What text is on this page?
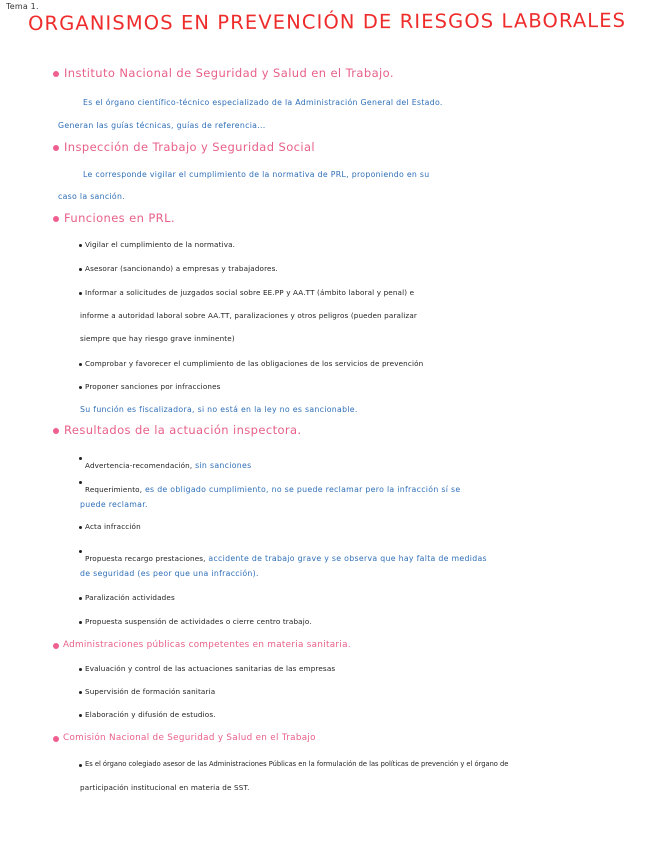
Tema 1.
ORGANISMOS EN PREVENCIÓN DE RIESGOS LABORALES
Instituto Nacional de Seguridad y Salud en el Trabajo.
Es el órgano científico-técnico especializado de la Administración General del Estado.
Generan las guías técnicas, guías de referencia...
Inspección de Trabajo y Seguridad Social
Le corresponde vigilar el cumplimiento de la normativa de PRL, proponiendo en su
caso la sanción.
Funciones en PRL.
Vigilar el cumplimiento de la normativa.
Asesorar (sancionando) a empresas y trabajadores.
Informar a solicitudes de juzgados social sobre EE.PP y AA.TT (ámbito laboral y penal) e
informe a autoridad laboral sobre AA.TT, paralizaciones y otros peligros (pueden paralizar
siempre que hay riesgo grave inminente)
Comprobar y favorecer el cumplimiento de las obligaciones de los servicios de prevención
Proponer sanciones por infracciones
Su función es fiscalizadora, si no está en la ley no es sancionable.
Resultados de la actuación inspectora.
Advertencia-recomendación, sin sanciones
Requerimiento, es de obligado cumplimiento, no se puede reclamar pero la infracción sí se
puede reclamar.
Acta infracción
Propuesta recargo prestaciones, accidente de trabajo grave y se observa que hay falta de medidas
de seguridad (es peor que una infracción).
Paralización actividades
Propuesta suspensión de actividades o cierre centro trabajo.
Administraciones públicas competentes en materia sanitaria.
Evaluación y control de las actuaciones sanitarias de las empresas
Supervisión de formación sanitaria
Elaboración y difusión de estudios.
Comisión Nacional de Seguridad y Salud en el Trabajo
Es el órgano colegiado asesor de las Administraciones Públicas en la formulación de las políticas de prevención y el órgano de
participación institucional en materia de SST.
